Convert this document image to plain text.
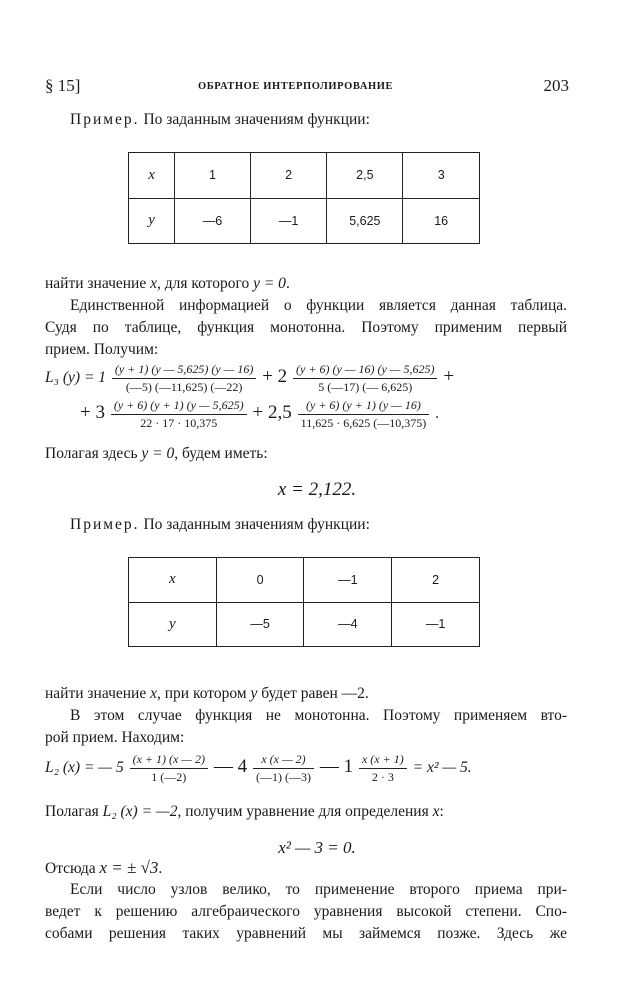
§ 15]	ОБРАТНОЕ ИНТЕРПОЛИРОВАНИЕ	203
Пример. По заданным значениям функции:
x	1	2	2,5	3
y	—6	—1	5,625	16
найти значение x, для которого y = 0.
Единственной информацией о функции является данная таблица.
Судя по таблице, функция монотонна. Поэтому применим первый
прием. Получим:
L₃ $(y) = 1 \frac{(y + 1) (y — 5,625) (y — 16)}{(—5) (—11,625) (—22)} + 2 \frac{(y + 6) (y — 16) (y — 5,625)}{5 (—17) (— 6,625)}$ +
+ $3 \frac{(y + 6) (y + 1) (y — 5,625)}{22 \cdot 17 \cdot 10,375} + 2,5 \frac{(y + 6) (y + 1) (y — 16)}{11,625 \cdot 6,625 (—10,375)}$ .
Полагая здесь y = 0, будем иметь:
x = 2,122.
Пример. По заданным значениям функции:
x	0	—1	2
y	—5	—4	—1
найти значение x, при котором y будет равен —2.
В этом случае функция не монотонна. Поэтому применяем вто-
рой прием. Находим:
L₂ (x) = — $5 \frac{(x + 1) (x — 2)}{1 (—2)}$ — $4 \frac{x (x — 2)}{(—1) (—3)}$ — $1 \frac{x (x + 1)}{2 \cdot 3} = x^2$ — 5.
Полагая L₂ (x) = —2, получим уравнение для определения x:
x² — 3 = 0.
Отсюда x = ± √3.
Если число узлов велико, то применение второго приема при-
ведет к решению алгебраического уравнения высокой степени. Спо-
собами решения таких уравнений мы займемся позже. Здесь же
